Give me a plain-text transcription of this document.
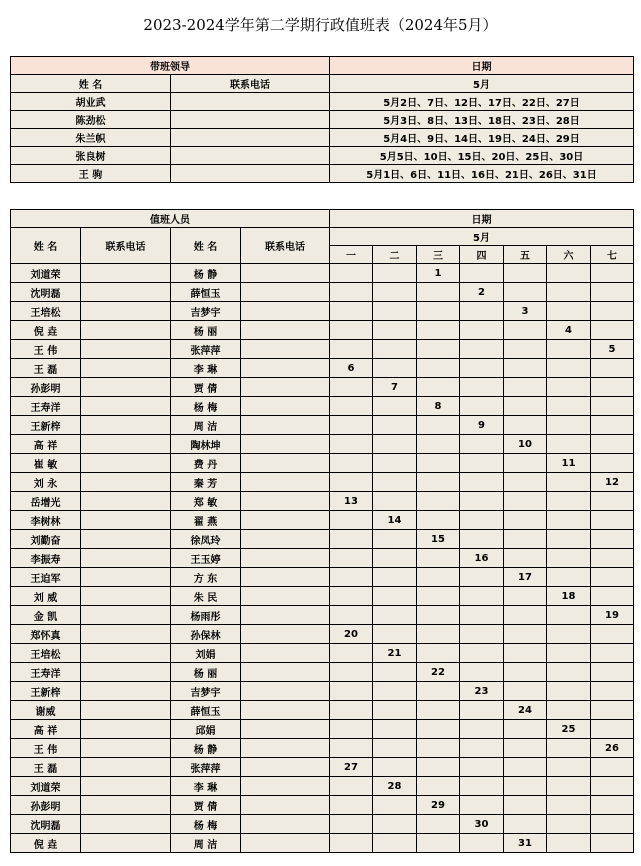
2023-2024学年第二学期行政值班表（2024年5月）
带班领导		日期
姓 名	联系电话	5月
胡业武		5月2日、7日、12日、17日、22日、27日
陈劲松		5月3日、8日、13日、18日、23日、28日
朱兰帜		5月4日、9日、14日、19日、24日、29日
张良树		5月5日、10日、15日、20日、25日、30日
王 驹		5月1日、6日、11日、16日、21日、26日、31日
值班人员				日期						
姓 名	联系电话	姓 名	联系电话	5月						
				一	二	三	四	五	六	七
刘道荣		杨 静				1				
沈明磊		薛恒玉					2			
王培松		吉梦宇						3		
倪 垚		杨 丽							4	
王 伟		张萍萍								5
王 磊		李 琳		6						
孙彭明		贾 倩			7					
王寿洋		杨 梅				8				
王新梓		周 洁					9			
高 祥		陶林坤						10		
崔 敏		费 丹							11	
刘 永		秦 芳								12
岳增光		郑 敏		13						
李树林		翟 燕			14					
刘勤奋		徐凤玲				15				
李振寿		王玉婷					16			
王迫军		方 东						17		
刘 威		朱 民							18	
金 凯		杨雨彤								19
郑怀真		孙保林		20						
王培松		刘娟			21					
王寿洋		杨 丽				22				
王新梓		吉梦宇					23			
谢威		薛恒玉						24		
高 祥		邱娟							25	
王 伟		杨 静								26
王 磊		张萍萍		27						
刘道荣		李 琳			28					
孙彭明		贾 倩				29				
沈明磊		杨 梅					30			
倪 垚		周 洁						31		
